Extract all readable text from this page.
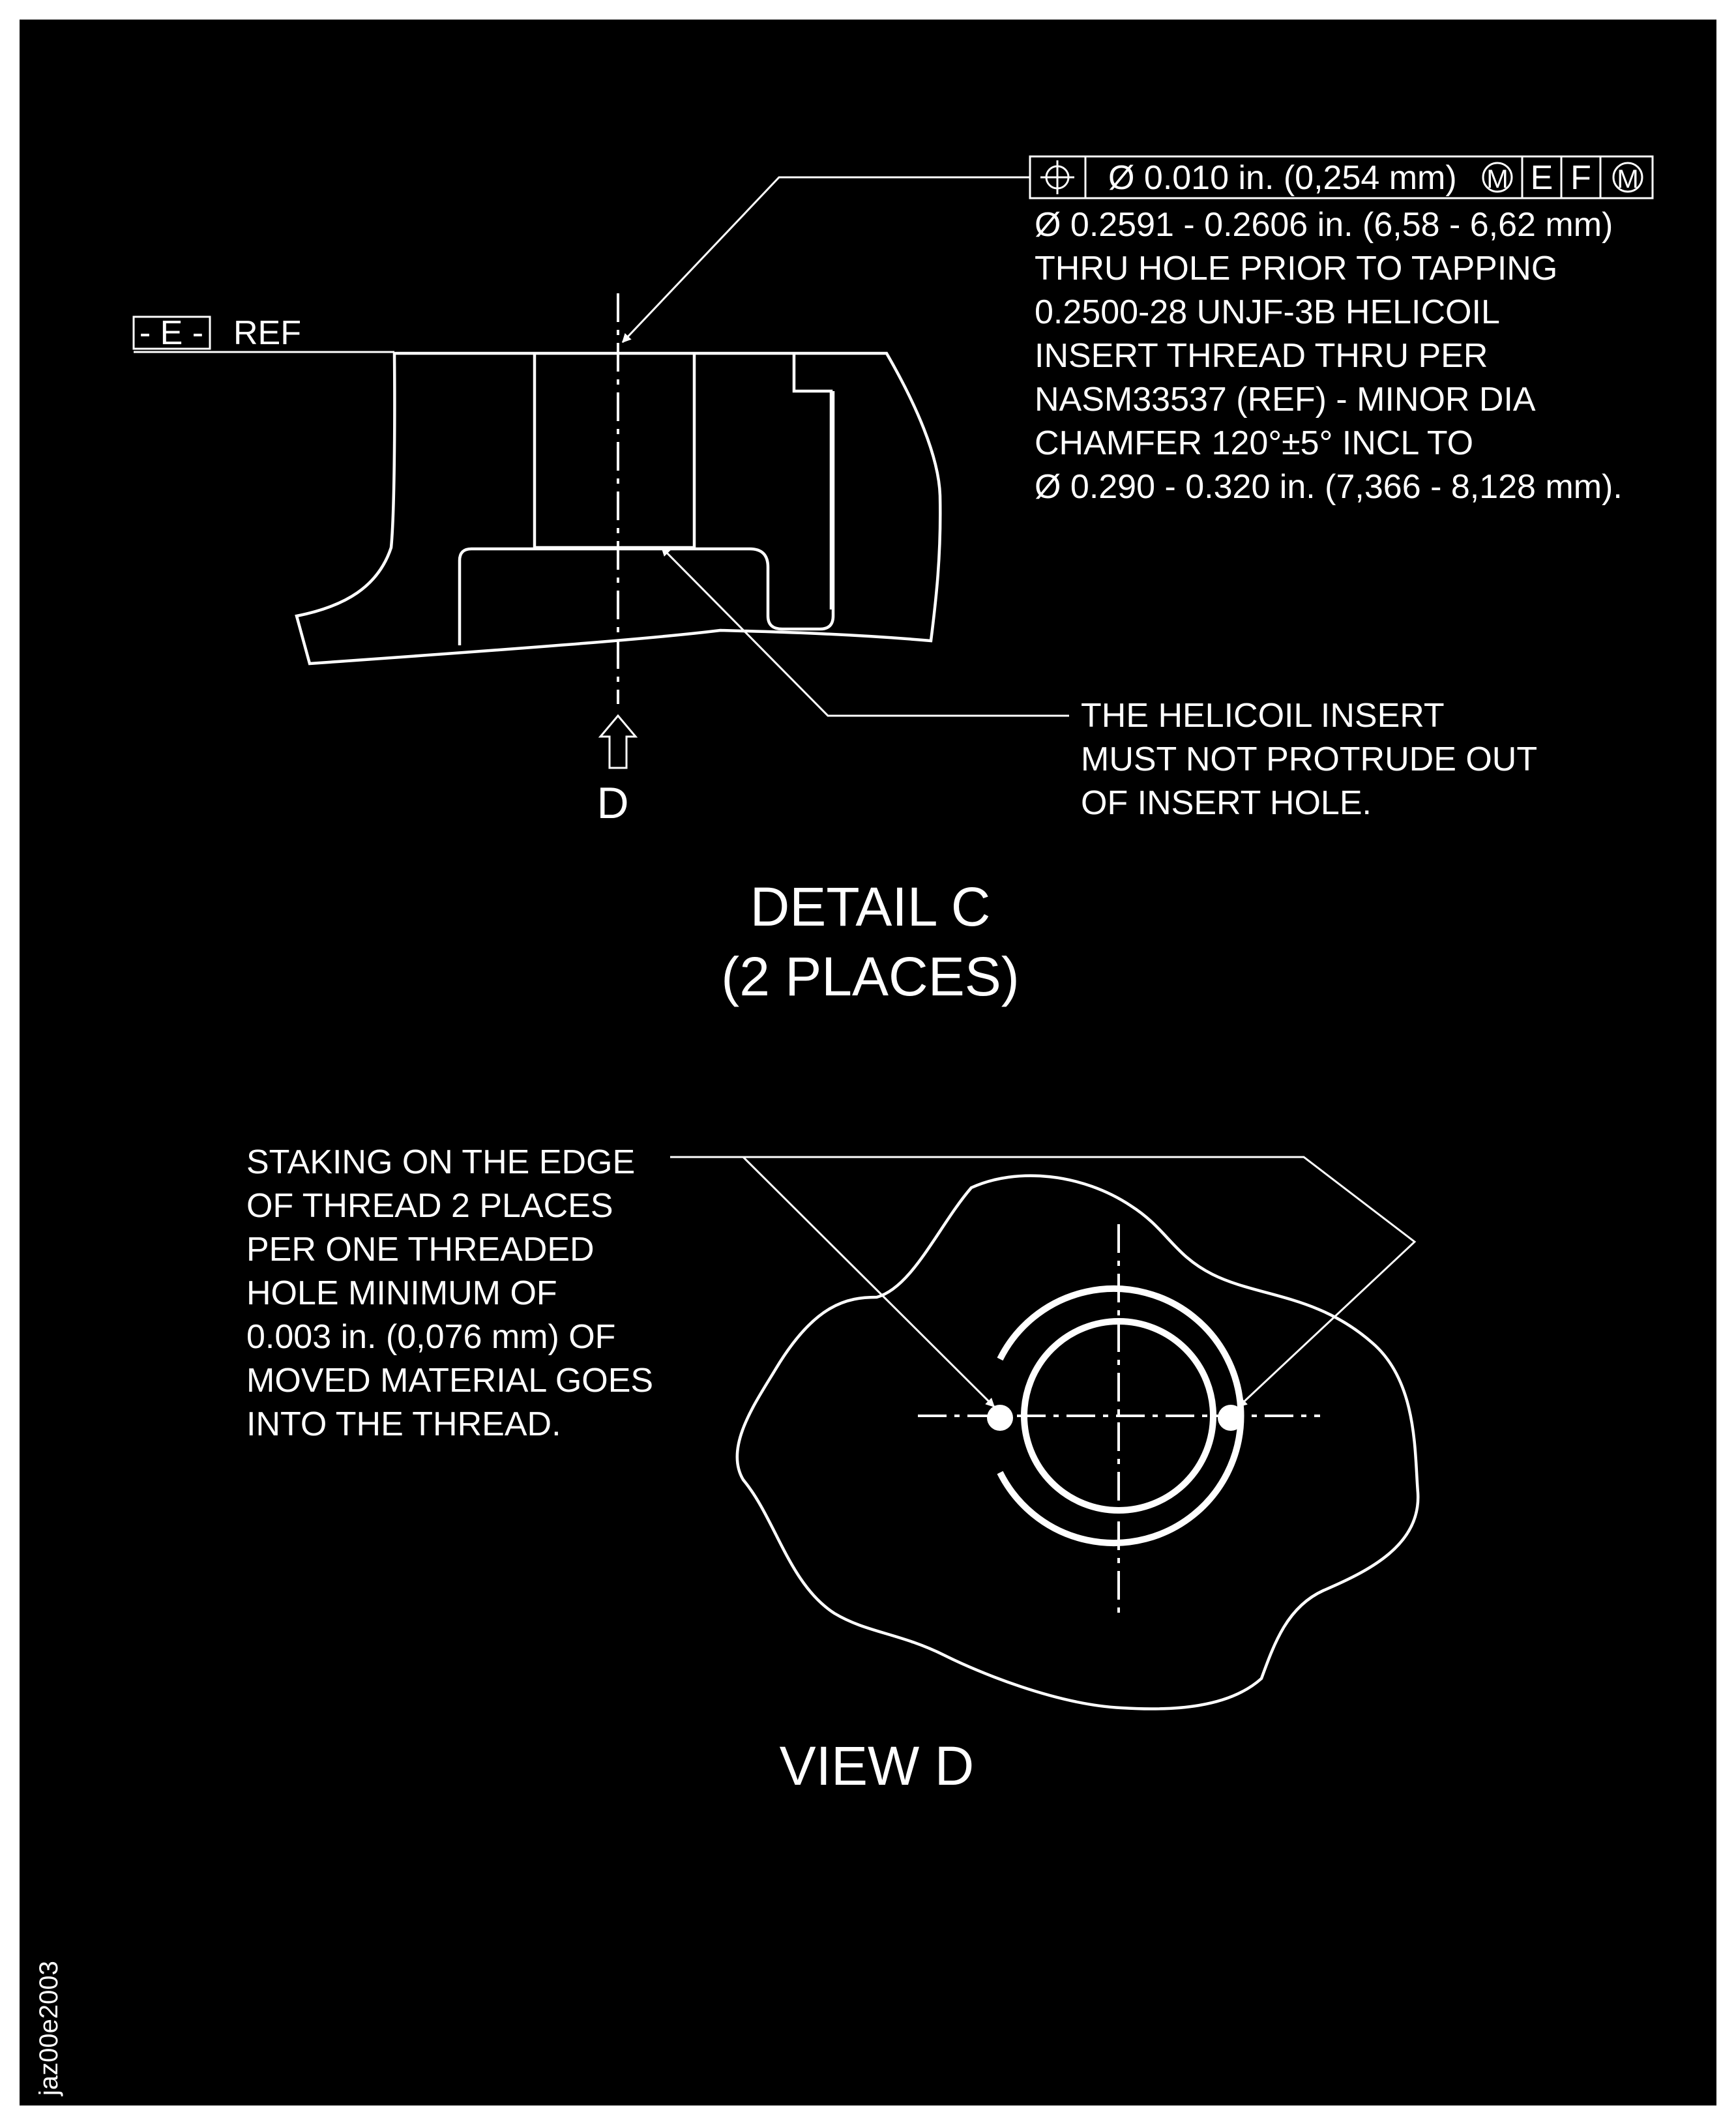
- E - REF
D
Ø 0.010 in. (0,254 mm) M E F M
Ø 0.2591 - 0.2606 in. (6,58 - 6,62 mm)
THRU HOLE PRIOR TO TAPPING
0.2500-28 UNJF-3B HELICOIL
INSERT THREAD THRU PER
NASM33537 (REF) - MINOR DIA
CHAMFER 120°±5° INCL TO
Ø 0.290 - 0.320 in. (7,366 - 8,128 mm).
THE HELICOIL INSERT
MUST NOT PROTRUDE OUT
OF INSERT HOLE.
DETAIL C
(2 PLACES)
STAKING ON THE EDGE
OF THREAD 2 PLACES
PER ONE THREADED
HOLE MINIMUM OF
0.003 in. (0,076 mm) OF
MOVED MATERIAL GOES
INTO THE THREAD.
VIEW D
jaz00e2003
